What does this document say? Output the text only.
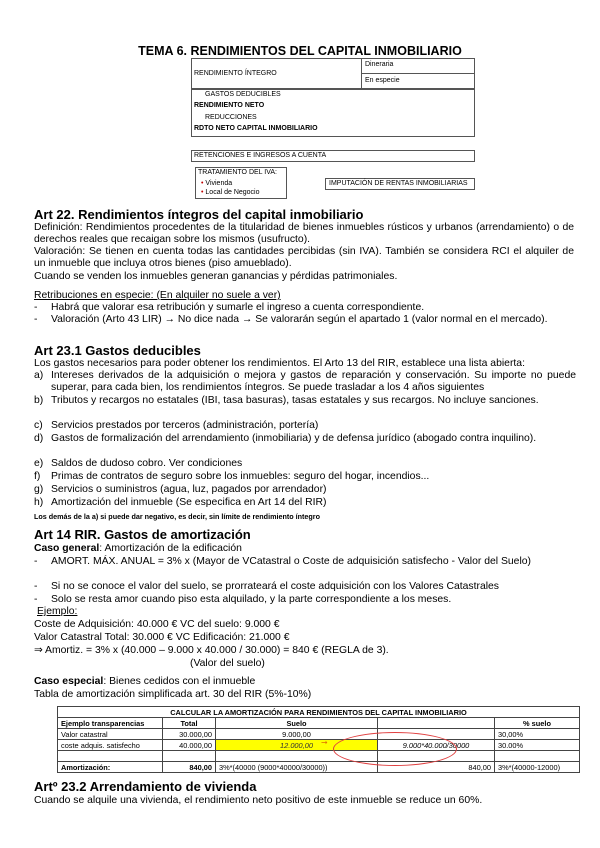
TEMA 6. RENDIMIENTOS DEL CAPITAL INMOBILIARIO
RENDIMIENTO ÍNTEGRO
Dineraria
En especie
GASTOS DEDUCIBLES
RENDIMIENTO NETO
REDUCCIONES
RDTO NETO CAPITAL INMOBILIARIO
RETENCIONES E INGRESOS A CUENTA
TRATAMIENTO DEL IVA:
• Vivienda
• Local de Negocio
IMPUTACIÓN DE RENTAS INMOBILIARIAS
Art 22. Rendimientos íntegros del capital inmobiliario
Definición: Rendimientos procedentes de la titularidad de bienes inmuebles rústicos y urbanos (arrendamiento) o de derechos reales que recaigan sobre los mismos (usufructo).
Valoración: Se tienen en cuenta todas las cantidades percibidas (sin IVA). También se considera RCI el alquiler de un inmueble que incluya otros bienes (piso amueblado).
Cuando se venden los inmuebles generan ganancias y pérdidas patrimoniales.
Retribuciones en especie: (En alquiler no suele a ver)
- Habrá que valorar esa retribución y sumarle el ingreso a cuenta correspondiente.
- Valoración (Arto 43 LIR) → No dice nada → Se valorarán según el apartado 1 (valor normal en el mercado).
Art 23.1 Gastos deducibles
Los gastos necesarios para poder obtener los rendimientos. El Arto 13 del RIR, establece una lista abierta:
a) Intereses derivados de la adquisición o mejora y gastos de reparación y conservación. Su importe no puede superar, para cada bien, los rendimientos íntegros. Se puede trasladar a los 4 años siguientes
b) Tributos y recargos no estatales (IBI, tasa basuras), tasas estatales y sus recargos. No incluye sanciones.
c) Servicios prestados por terceros (administración, portería)
d) Gastos de formalización del arrendamiento (inmobiliaria) y de defensa jurídico (abogado contra inquilino).
e) Saldos de dudoso cobro. Ver condiciones
f) Primas de contratos de seguro sobre los inmuebles: seguro del hogar, incendios...
g) Servicios o suministros (agua, luz, pagados por arrendador)
h) Amortización del inmueble (Se especifica en Art 14 del RIR)
Los demás de la a) si puede dar negativo, es decir, sin límite de rendimiento íntegro
Art 14 RIR. Gastos de amortización
Caso general: Amortización de la edificación
- AMORT. MÁX. ANUAL = 3% x (Mayor de VCatastral o Coste de adquisición satisfecho - Valor del Suelo)
- Si no se conoce el valor del suelo, se prorrateará el coste adquisición con los Valores Catastrales
- Solo se resta amor cuando piso esta alquilado, y la parte correspondiente a los meses.
Ejemplo:
Coste de Adquisición: 40.000 € VC del suelo: 9.000 €
Valor Catastral Total: 30.000 € VC Edificación: 21.000 €
⇒ Amortiz. = 3% x (40.000 – 9.000 x 40.000 / 30.000) = 840 € (REGLA de 3).
(Valor del suelo)
Caso especial: Bienes cedidos con el inmueble
Tabla de amortización simplificada art. 30 del RIR (5%-10%)
CALCULAR LA AMORTIZACIÓN PARA RENDIMIENTOS DEL CAPITAL INMOBILIARIO				
Ejemplo transparencias	Total	Suelo		% suelo
Valor catastral	30.000,00	9.000,00		30,00%
coste adquis. satisfecho	40.000,00	12.000,00	9.000*40.000/30000	30.00%

Amortización:	840,00	3%*(40000 (9000*40000/30000))	840,00	3%*(40000-12000)
➞
Artº 23.2 Arrendamiento de vivienda
Cuando se alquile una vivienda, el rendimiento neto positivo de este inmueble se reduce un 60%.
